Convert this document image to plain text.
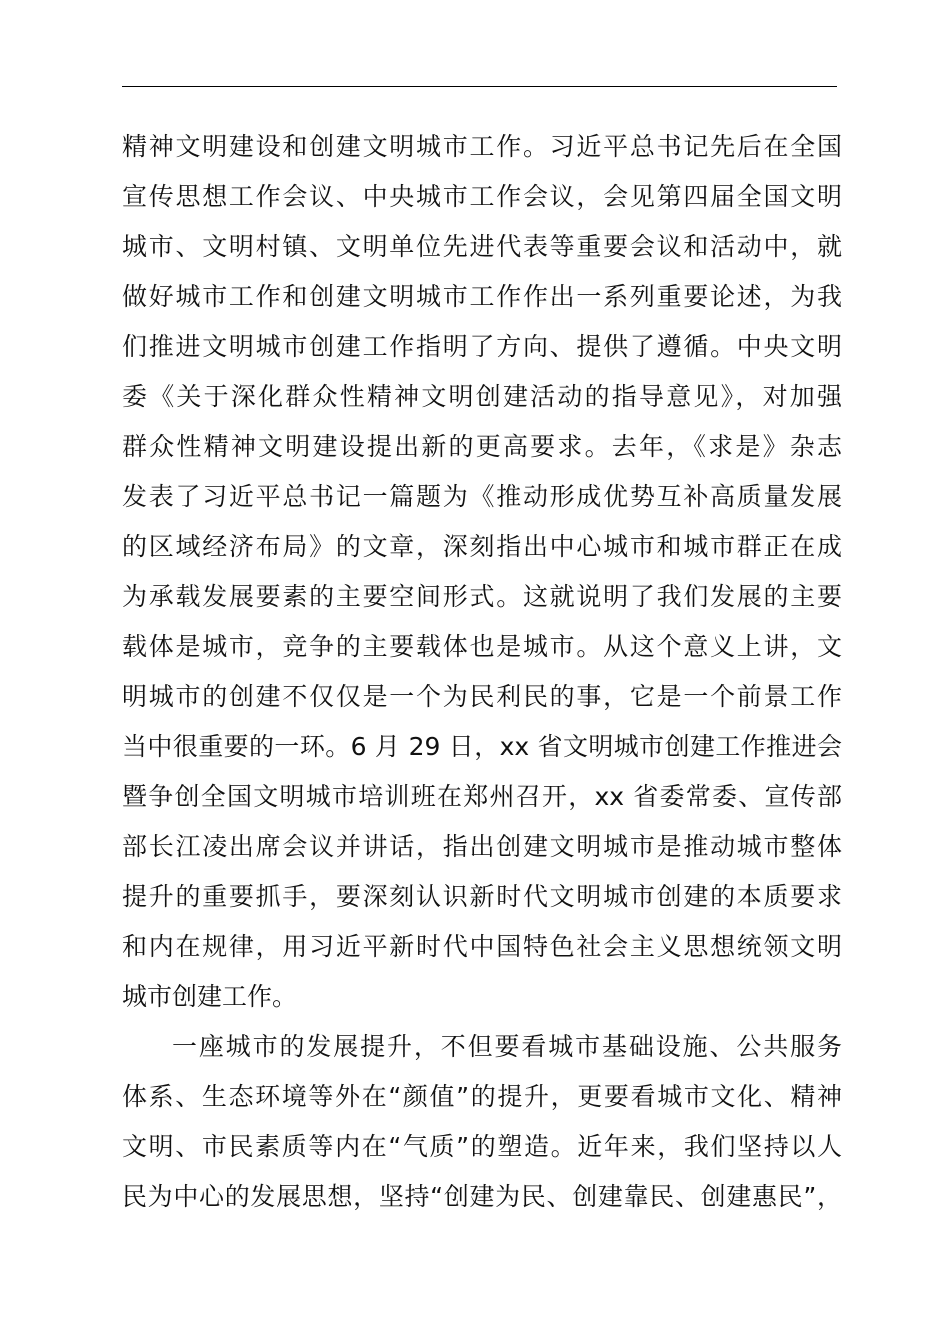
精神文明建设和创建文明城市工作。习近平总书记先后在全国
宣传思想工作会议、中央城市工作会议，会见第四届全国文明
城市、文明村镇、文明单位先进代表等重要会议和活动中，就
做好城市工作和创建文明城市工作作出一系列重要论述，为我
们推进文明城市创建工作指明了方向、提供了遵循。中央文明
委《关于深化群众性精神文明创建活动的指导意见》，对加强
群众性精神文明建设提出新的更高要求。去年，《求是》杂志
发表了习近平总书记一篇题为《推动形成优势互补高质量发展
的区域经济布局》的文章，深刻指出中心城市和城市群正在成
为承载发展要素的主要空间形式。这就说明了我们发展的主要
载体是城市，竞争的主要载体也是城市。从这个意义上讲，文
明城市的创建不仅仅是一个为民利民的事，它是一个前景工作
当中很重要的一环。6 月 29 日，xx 省文明城市创建工作推进会
暨争创全国文明城市培训班在郑州召开，xx 省委常委、宣传部
部长江凌出席会议并讲话，指出创建文明城市是推动城市整体
提升的重要抓手，要深刻认识新时代文明城市创建的本质要求
和内在规律，用习近平新时代中国特色社会主义思想统领文明
城市创建工作。
一座城市的发展提升，不但要看城市基础设施、公共服务
体系、生态环境等外在“颜值”的提升，更要看城市文化、精神
文明、市民素质等内在“气质”的塑造。近年来，我们坚持以人
民为中心的发展思想，坚持“创建为民、创建靠民、创建惠民”，
